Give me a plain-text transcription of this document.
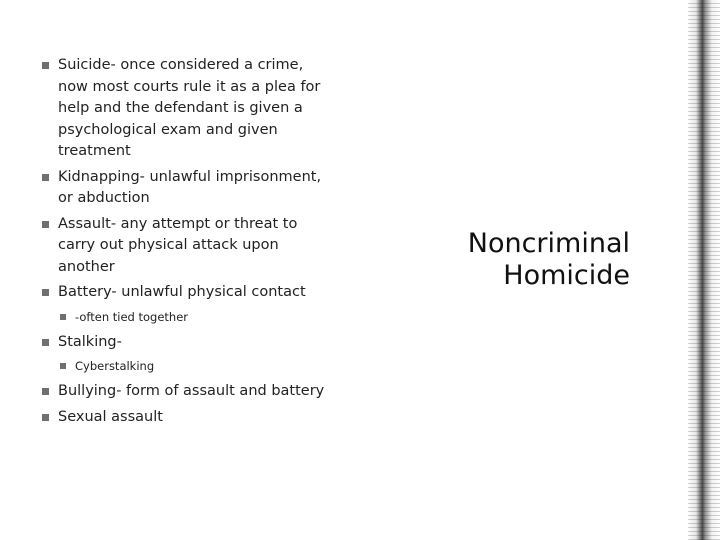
Suicide- once considered a crime, now most courts rule it as a plea for help and the defendant is given a psychological exam and given treatment
Kidnapping- unlawful imprisonment, or abduction
Assault- any attempt or threat to carry out physical attack upon another
Battery- unlawful physical contact
-often tied together
Stalking-
Cyberstalking
Bullying- form of assault and battery
Sexual assault
Noncriminal
Homicide
